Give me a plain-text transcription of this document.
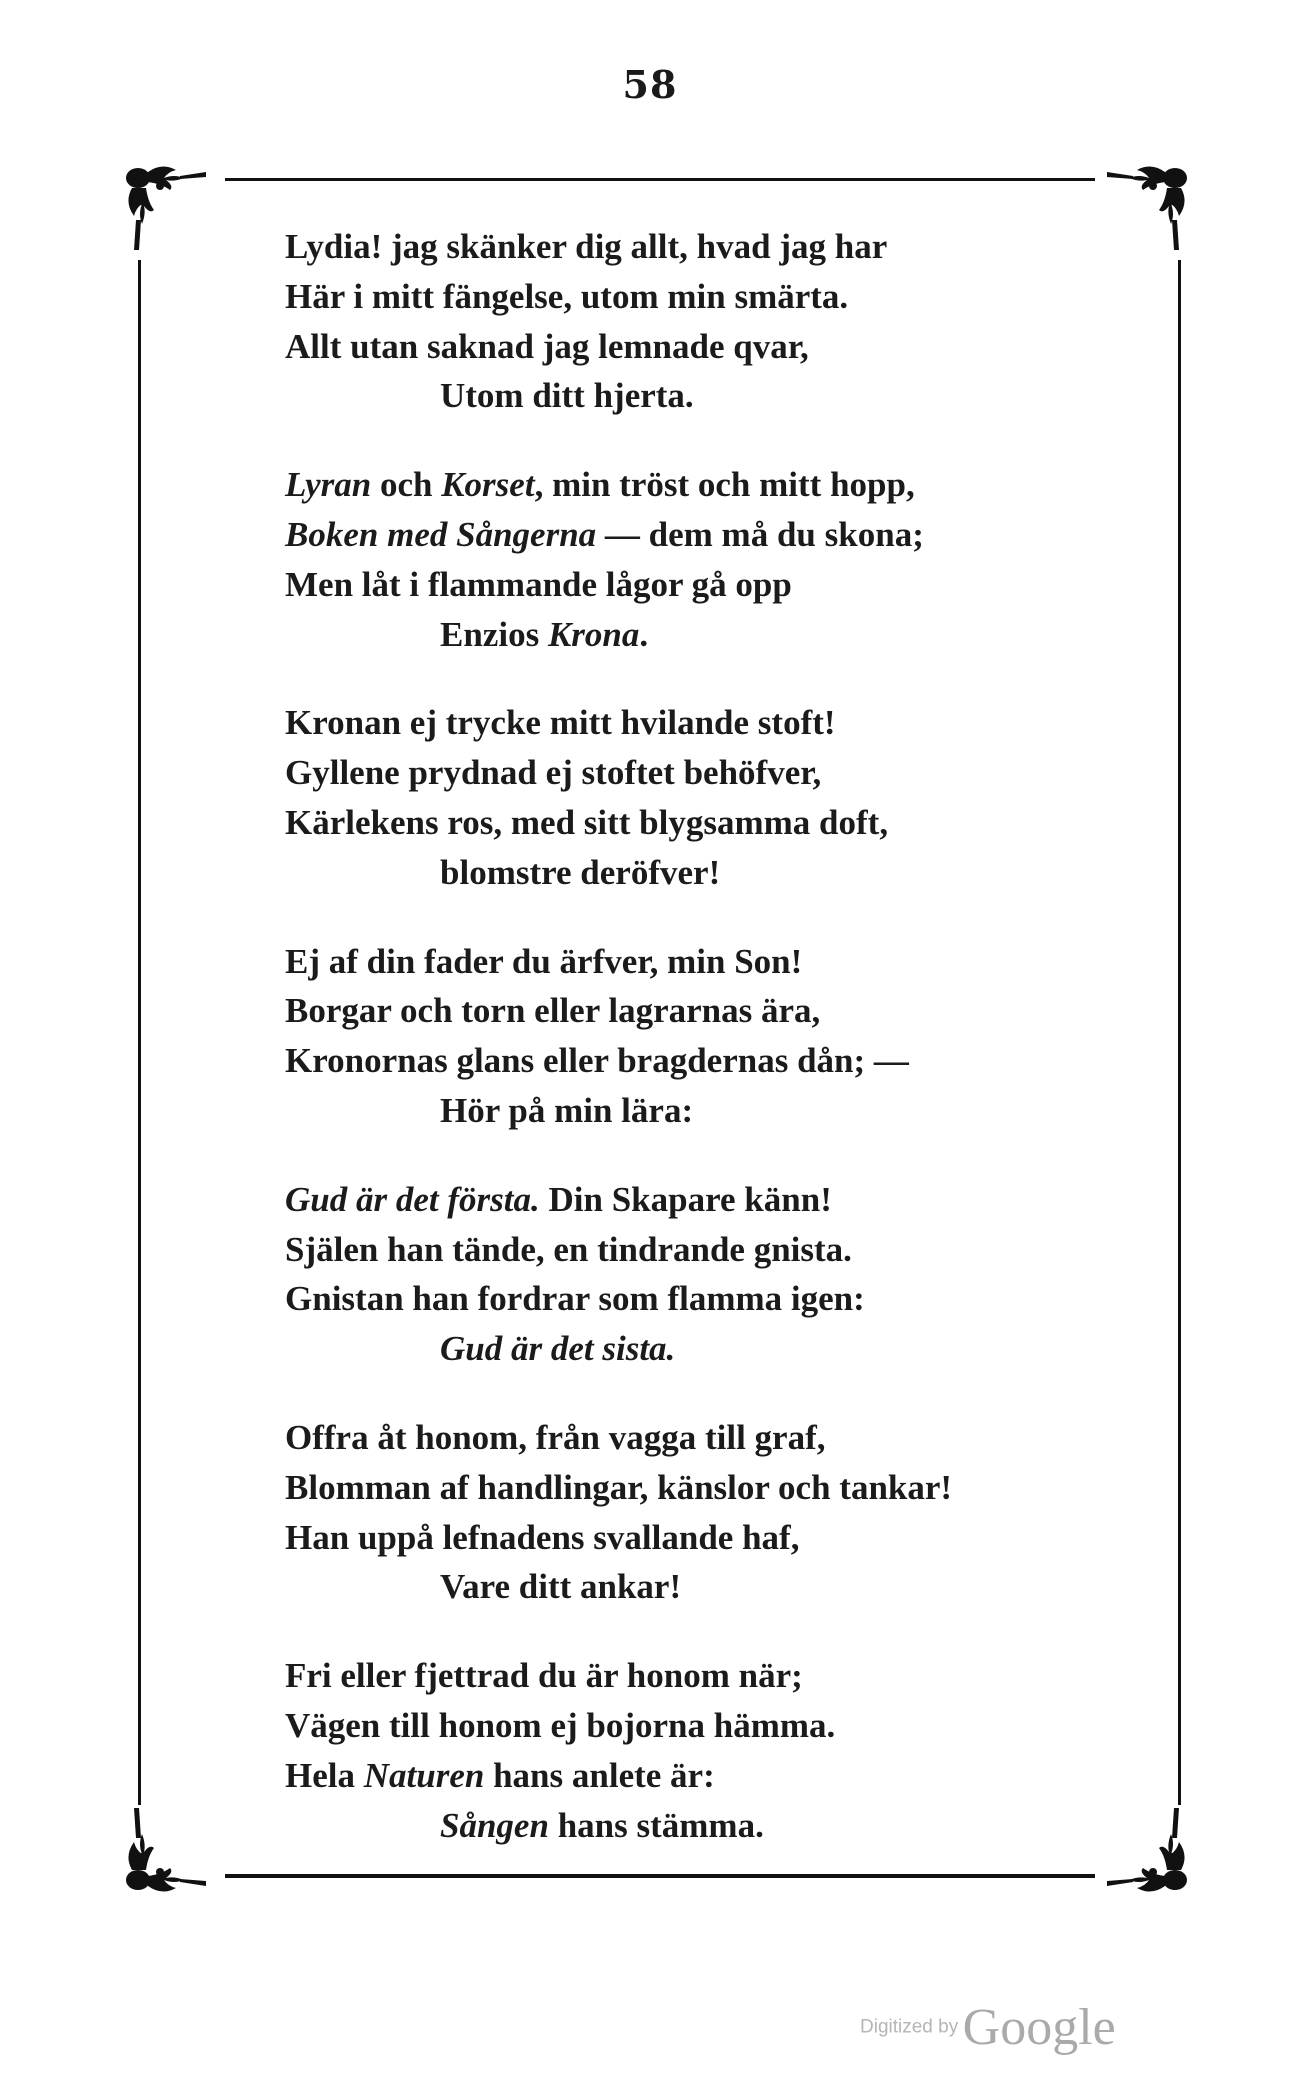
58
Lydia! jag skänker dig allt, hvad jag har
Här i mitt fängelse, utom min smärta.
Allt utan saknad jag lemnade qvar,
Utom ditt hjerta.
Lyran och Korset, min tröst och mitt hopp,
Boken med Sångerna — dem må du skona;
Men låt i flammande lågor gå opp
Enzios Krona.
Kronan ej trycke mitt hvilande stoft!
Gyllene prydnad ej stoftet behöfver,
Kärlekens ros, med sitt blygsamma doft,
blomstre deröfver!
Ej af din fader du ärfver, min Son!
Borgar och torn eller lagrarnas ära,
Kronornas glans eller bragdernas dån; —
Hör på min lära:
Gud är det första. Din Skapare känn!
Själen han tände, en tindrande gnista.
Gnistan han fordrar som flamma igen:
Gud är det sista.
Offra åt honom, från vagga till graf,
Blomman af handlingar, känslor och tankar!
Han uppå lefnadens svallande haf,
Vare ditt ankar!
Fri eller fjettrad du är honom när;
Vägen till honom ej bojorna hämma.
Hela Naturen hans anlete är:
Sången hans stämma.
Digitized by Google
